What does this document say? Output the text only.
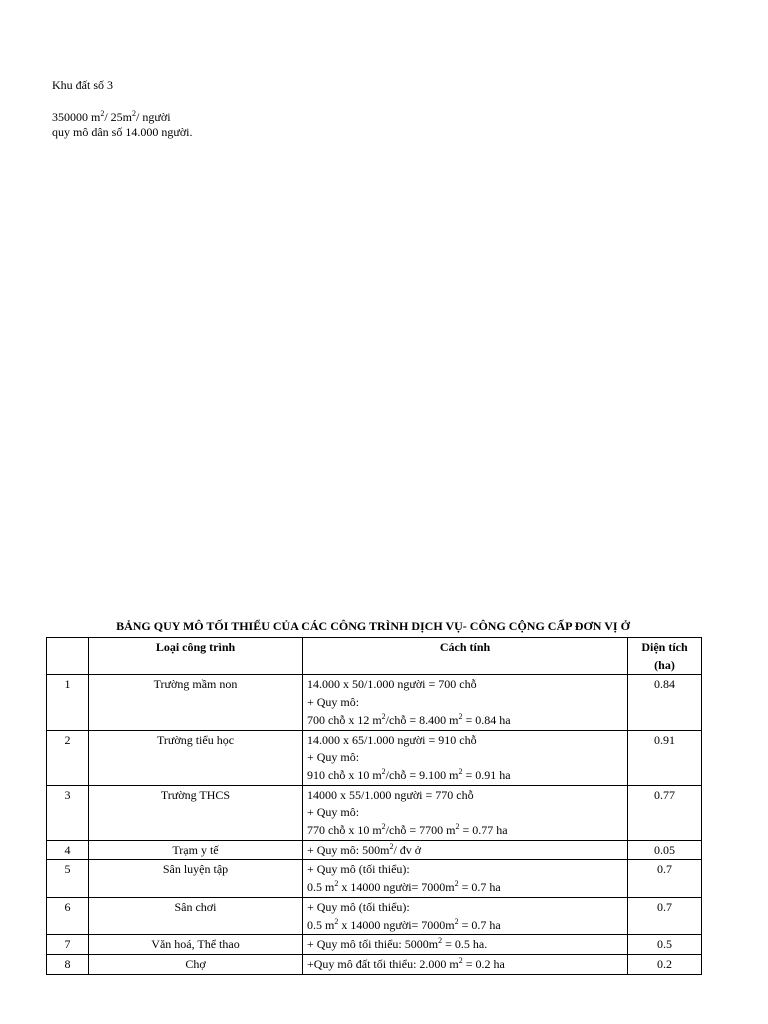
Khu đất số 3

350000 $m^2/$ $25m^2/$ người

quy mô dân số 14.000 người.

BẢNG QUY MÔ TỐI THIỂU CỦA CÁC CÔNG TRÌNH DỊCH VỤ- CÔNG CỘNG CẤP ĐƠN VỊ Ở
	Loại công trình	Cách tính	Diện tích
(ha)

1	Trường mầm non	14.000 x 50/1.000 người = 700 chỗ
+ Quy mô:
700 chỗ x 12 $m^2$/chỗ = 8.400 $m^2 = 0.84$ ha	0.84
2	Trường tiểu học	14.000 x 65/1.000 người = 910 chỗ
+ Quy mô:
910 chỗ x 10 $m^2$/chỗ = 9.100 $m^2 = 0.91$ ha	0.91
3	Trường THCS	14000 x 55/1.000 người = 770 chỗ
+ Quy mô:
770 chỗ x 10 $m^2$/chỗ = 7700 $m^2 = 0.77$ ha	0.77
4	Trạm y tế	+ Quy mô: $500m^2/$ đv ở	0.05
5	Sân luyện tập	+ Quy mô (tối thiểu):
0.5 $m^2$ x 14000 người= $7000m^2 = 0.7$ ha	0.7
6	Sân chơi	+ Quy mô (tối thiểu):
0.5 $m^2$ x 14000 người= $7000m^2 = 0.7$ ha	0.7
7	Văn hoá, Thể thao	+ Quy mô tối thiểu: $5000m^2 = 0.5$ ha.	0.5
8	Chợ	+Quy mô đất tối thiểu: 2.000 $m^2 = 0.2$ ha	0.2
